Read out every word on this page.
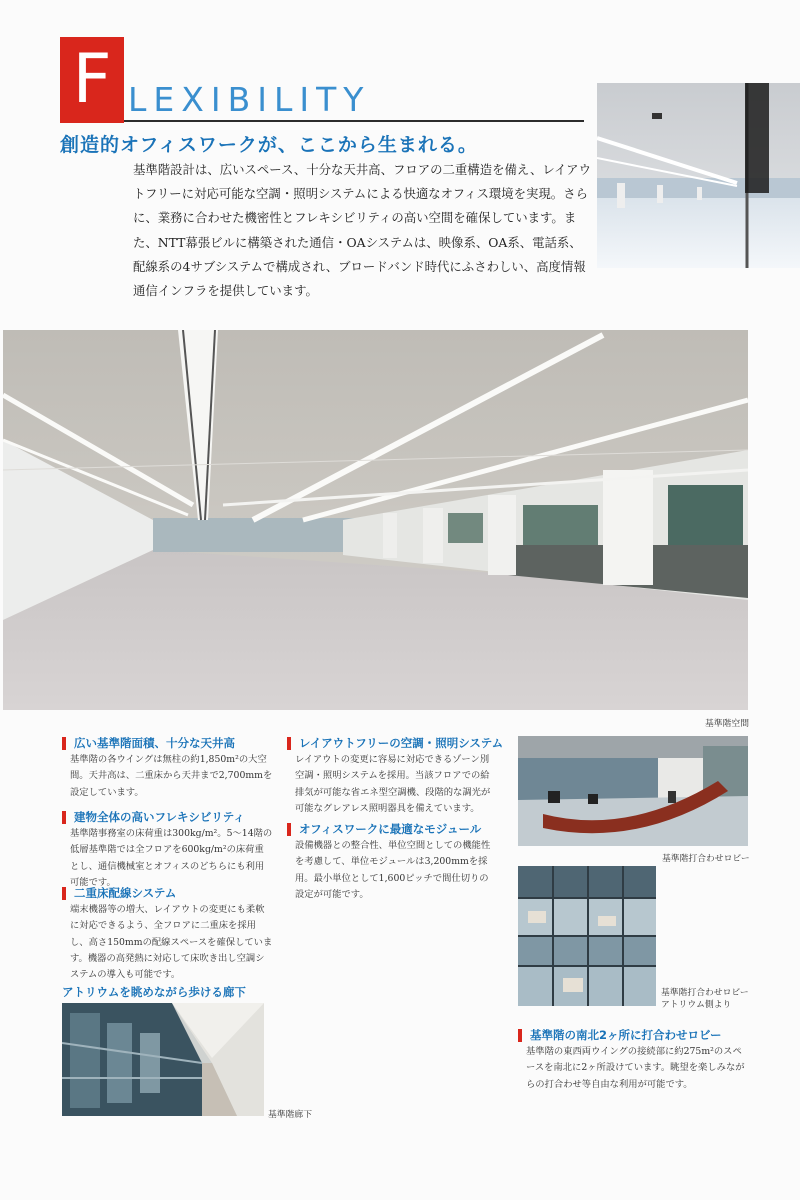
F LEXIBILITY
創造的オフィスワークが、ここから生まれる。
基準階設計は、広いスペース、十分な天井高、フロアの二重構造を備え、レイアウトフリーに対応可能な空調・照明システムによる快適なオフィス環境を実現。さらに、業務に合わせた機密性とフレキシビリティの高い空間を確保しています。また、NTT幕張ビルに構築された通信・OAシステムは、映像系、OA系、電話系、配線系の4サブシステムで構成され、ブロードバンド時代にふさわしい、高度情報通信インフラを提供しています。
基準階空間
広い基準階面積、十分な天井高
基準階の各ウイングは無柱の約1,850m²の大空間。天井高は、二重床から天井まで2,700mmを設定しています。
建物全体の高いフレキシビリティ
基準階事務室の床荷重は300kg/m²。5～14階の低層基準階では全フロアを600kg/m²の床荷重とし、通信機械室とオフィスのどちらにも利用可能です。
二重床配線システム
端末機器等の増大、レイアウトの変更にも柔軟に対応できるよう、全フロアに二重床を採用し、高さ150mmの配線スペースを確保しています。機器の高発熱に対応して床吹き出し空調システムの導入も可能です。
アトリウムを眺めながら歩ける廊下
基準階廊下
レイアウトフリーの空調・照明システム
レイアウトの変更に容易に対応できるゾーン別空調・照明システムを採用。当該フロアでの給排気が可能な省エネ型空調機、段階的な調光が可能なグレアレス照明器具を備えています。
オフィスワークに最適なモジュール
設備機器との整合性、単位空間としての機能性を考慮して、単位モジュールは3,200mmを採用。最小単位として1,600ピッチで間仕切りの設定が可能です。
基準階打合わせロビー
基準階打合わせロビー
アトリウム側より
基準階の南北2ヶ所に打合わせロビー
基準階の東西両ウイングの接続部に約275m²のスペースを南北に2ヶ所設けています。眺望を楽しみながらの打合わせ等自由な利用が可能です。
